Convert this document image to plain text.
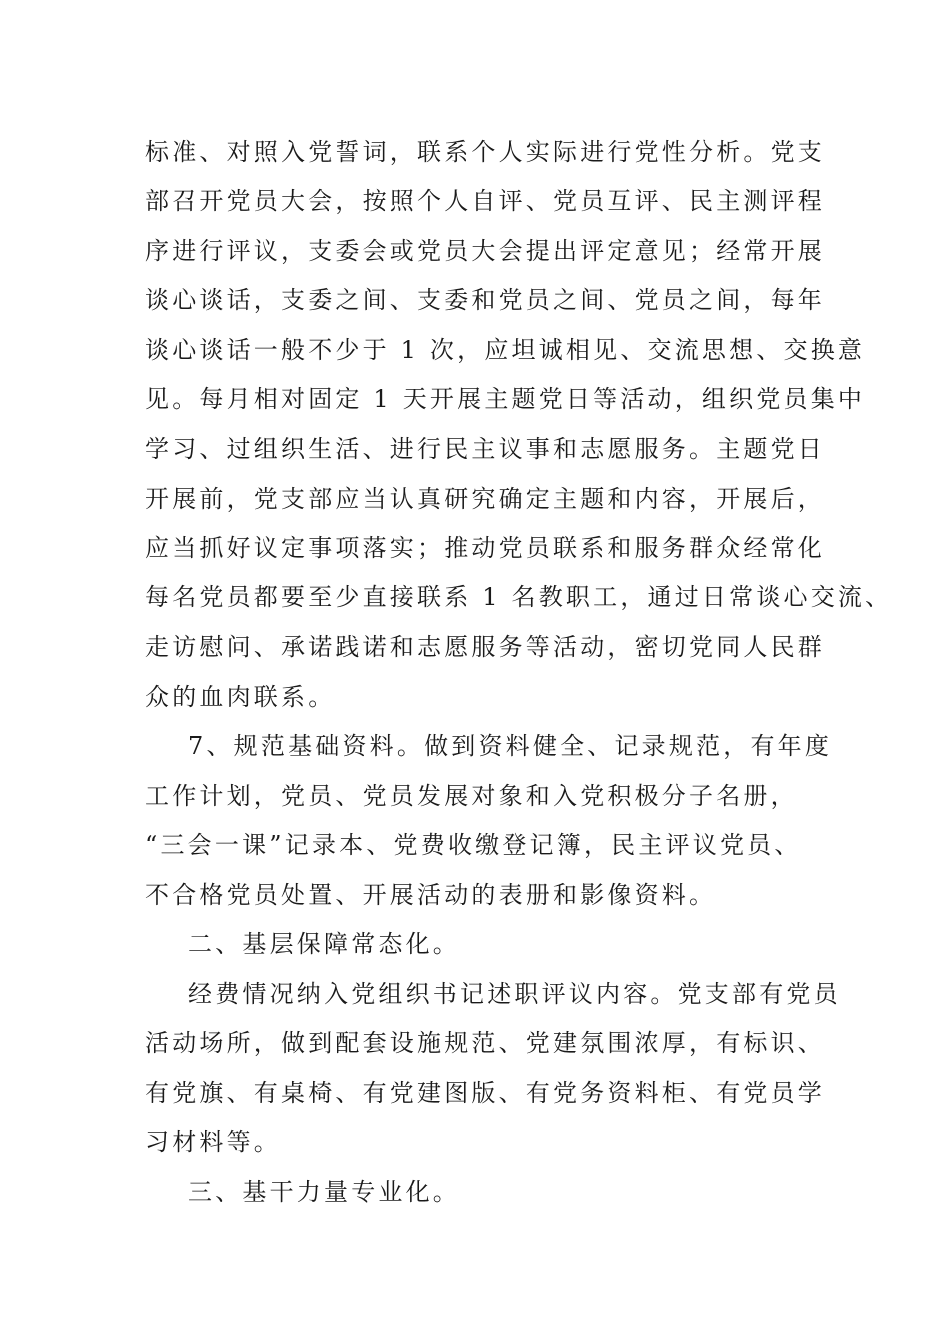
标准、对照入党誓词，联系个人实际进行党性分析。党支
部召开党员大会，按照个人自评、党员互评、民主测评程
序进行评议，支委会或党员大会提出评定意见；经常开展
谈心谈话，支委之间、支委和党员之间、党员之间，每年
谈心谈话一般不少于 1 次，应坦诚相见、交流思想、交换意
见。每月相对固定 1 天开展主题党日等活动，组织党员集中
学习、过组织生活、进行民主议事和志愿服务。主题党日
开展前，党支部应当认真研究确定主题和内容，开展后，
应当抓好议定事项落实；推动党员联系和服务群众经常化
每名党员都要至少直接联系 1 名教职工，通过日常谈心交流、
走访慰问、承诺践诺和志愿服务等活动，密切党同人民群
众的血肉联系。
7、规范基础资料。做到资料健全、记录规范，有年度
工作计划，党员、党员发展对象和入党积极分子名册，
“三会一课”记录本、党费收缴登记簿，民主评议党员、
不合格党员处置、开展活动的表册和影像资料。
二、基层保障常态化。
经费情况纳入党组织书记述职评议内容。党支部有党员
活动场所，做到配套设施规范、党建氛围浓厚，有标识、
有党旗、有桌椅、有党建图版、有党务资料柜、有党员学
习材料等。
三、基干力量专业化。
